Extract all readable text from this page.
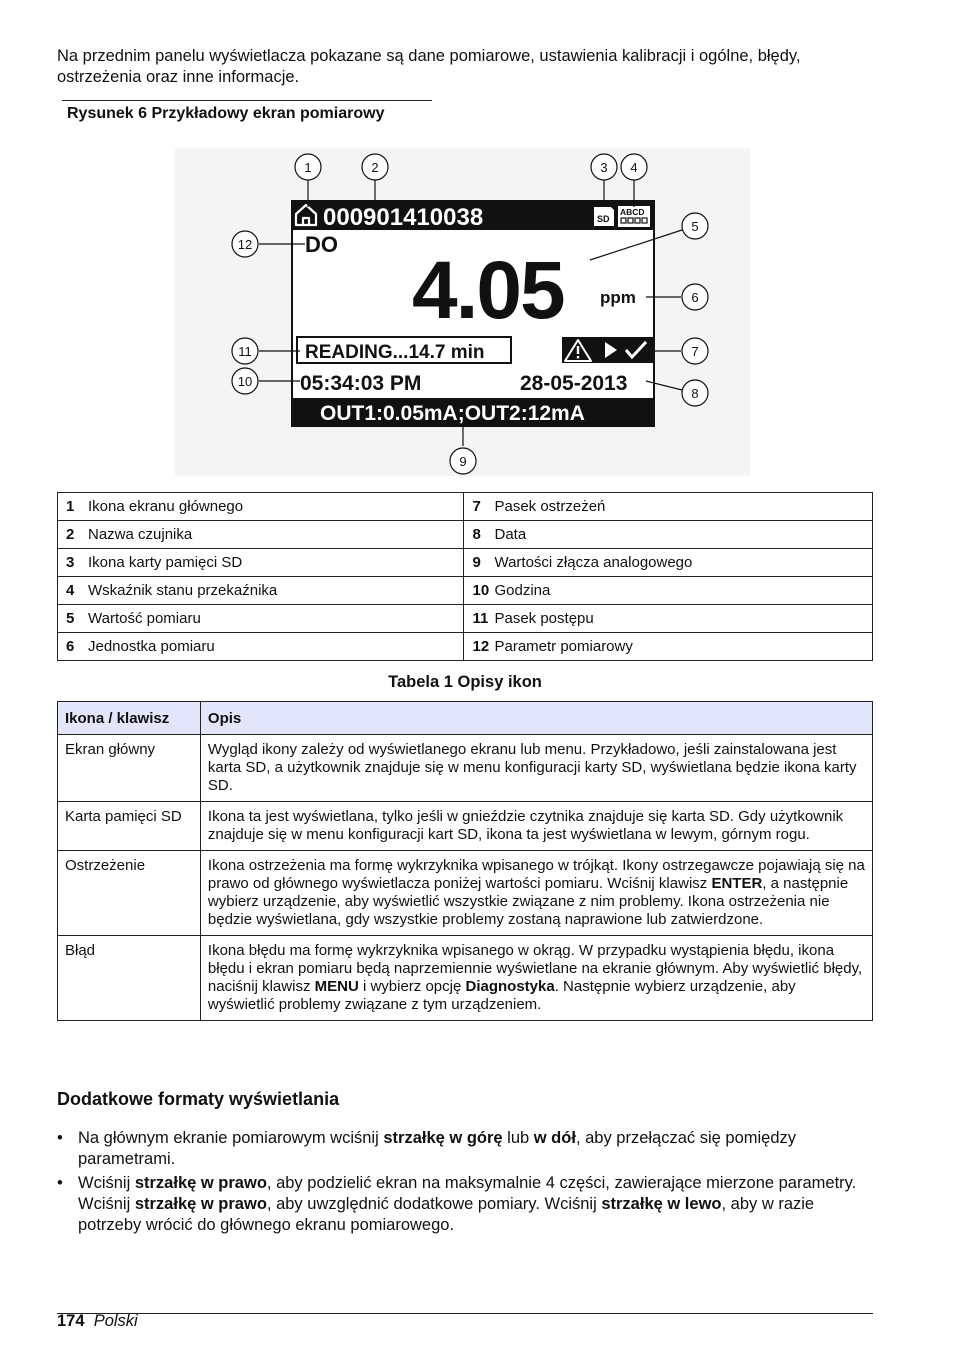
Na przednim panelu wyświetlacza pokazane są dane pomiarowe, ustawienia kalibracji i ogólne, błędy, ostrzeżenia oraz inne informacje.
Rysunek 6 Przykładowy ekran pomiarowy
000901410038	SD
ABCD
DO
4.05 ppm
READING...14.7 min
05:34:03 PM	28-05-2013
OUT1:0.05mA;OUT2:12mA
1	2	3 4
5
6
7
8
9
10
11
12
1 Ikona ekranu głównego	7 Pasek ostrzeżeń
2 Nazwa czujnika	8 Data
3 Ikona karty pamięci SD	9 Wartości złącza analogowego
4 Wskaźnik stanu przekaźnika	10 Godzina
5 Wartość pomiaru	11 Pasek postępu
6 Jednostka pomiaru	12 Parametr pomiarowy
Tabela 1 Opisy ikon
Ikona / klawisz	Opis
Ekran główny	Wygląd ikony zależy od wyświetlanego ekranu lub menu. Przykładowo, jeśli zainstalowana jest karta SD, a użytkownik znajduje się w menu konfiguracji karty SD, wyświetlana będzie ikona karty SD.
Karta pamięci SD	Ikona ta jest wyświetlana, tylko jeśli w gnieździe czytnika znajduje się karta SD. Gdy użytkownik znajduje się w menu konfiguracji kart SD, ikona ta jest wyświetlana w lewym, górnym rogu.
Ostrzeżenie	Ikona ostrzeżenia ma formę wykrzyknika wpisanego w trójkąt. Ikony ostrzegawcze pojawiają się na prawo od głównego wyświetlacza poniżej wartości pomiaru. Wciśnij klawisz ENTER, a następnie wybierz urządzenie, aby wyświetlić wszystkie związane z nim problemy. Ikona ostrzeżenia nie będzie wyświetlana, gdy wszystkie problemy zostaną naprawione lub zatwierdzone.
Błąd	Ikona błędu ma formę wykrzyknika wpisanego w okrąg. W przypadku wystąpienia błędu, ikona błędu i ekran pomiaru będą naprzemiennie wyświetlane na ekranie głównym. Aby wyświetlić błędy, naciśnij klawisz MENU i wybierz opcję Diagnostyka. Następnie wybierz urządzenie, aby wyświetlić problemy związane z tym urządzeniem.
Dodatkowe formaty wyświetlania
• Na głównym ekranie pomiarowym wciśnij strzałkę w górę lub w dół, aby przełączać się pomiędzy parametrami.
• Wciśnij strzałkę w prawo, aby podzielić ekran na maksymalnie 4 części, zawierające mierzone parametry. Wciśnij strzałkę w prawo, aby uwzględnić dodatkowe pomiary. Wciśnij strzałkę w lewo, aby w razie potrzeby wrócić do głównego ekranu pomiarowego.
174 Polski
